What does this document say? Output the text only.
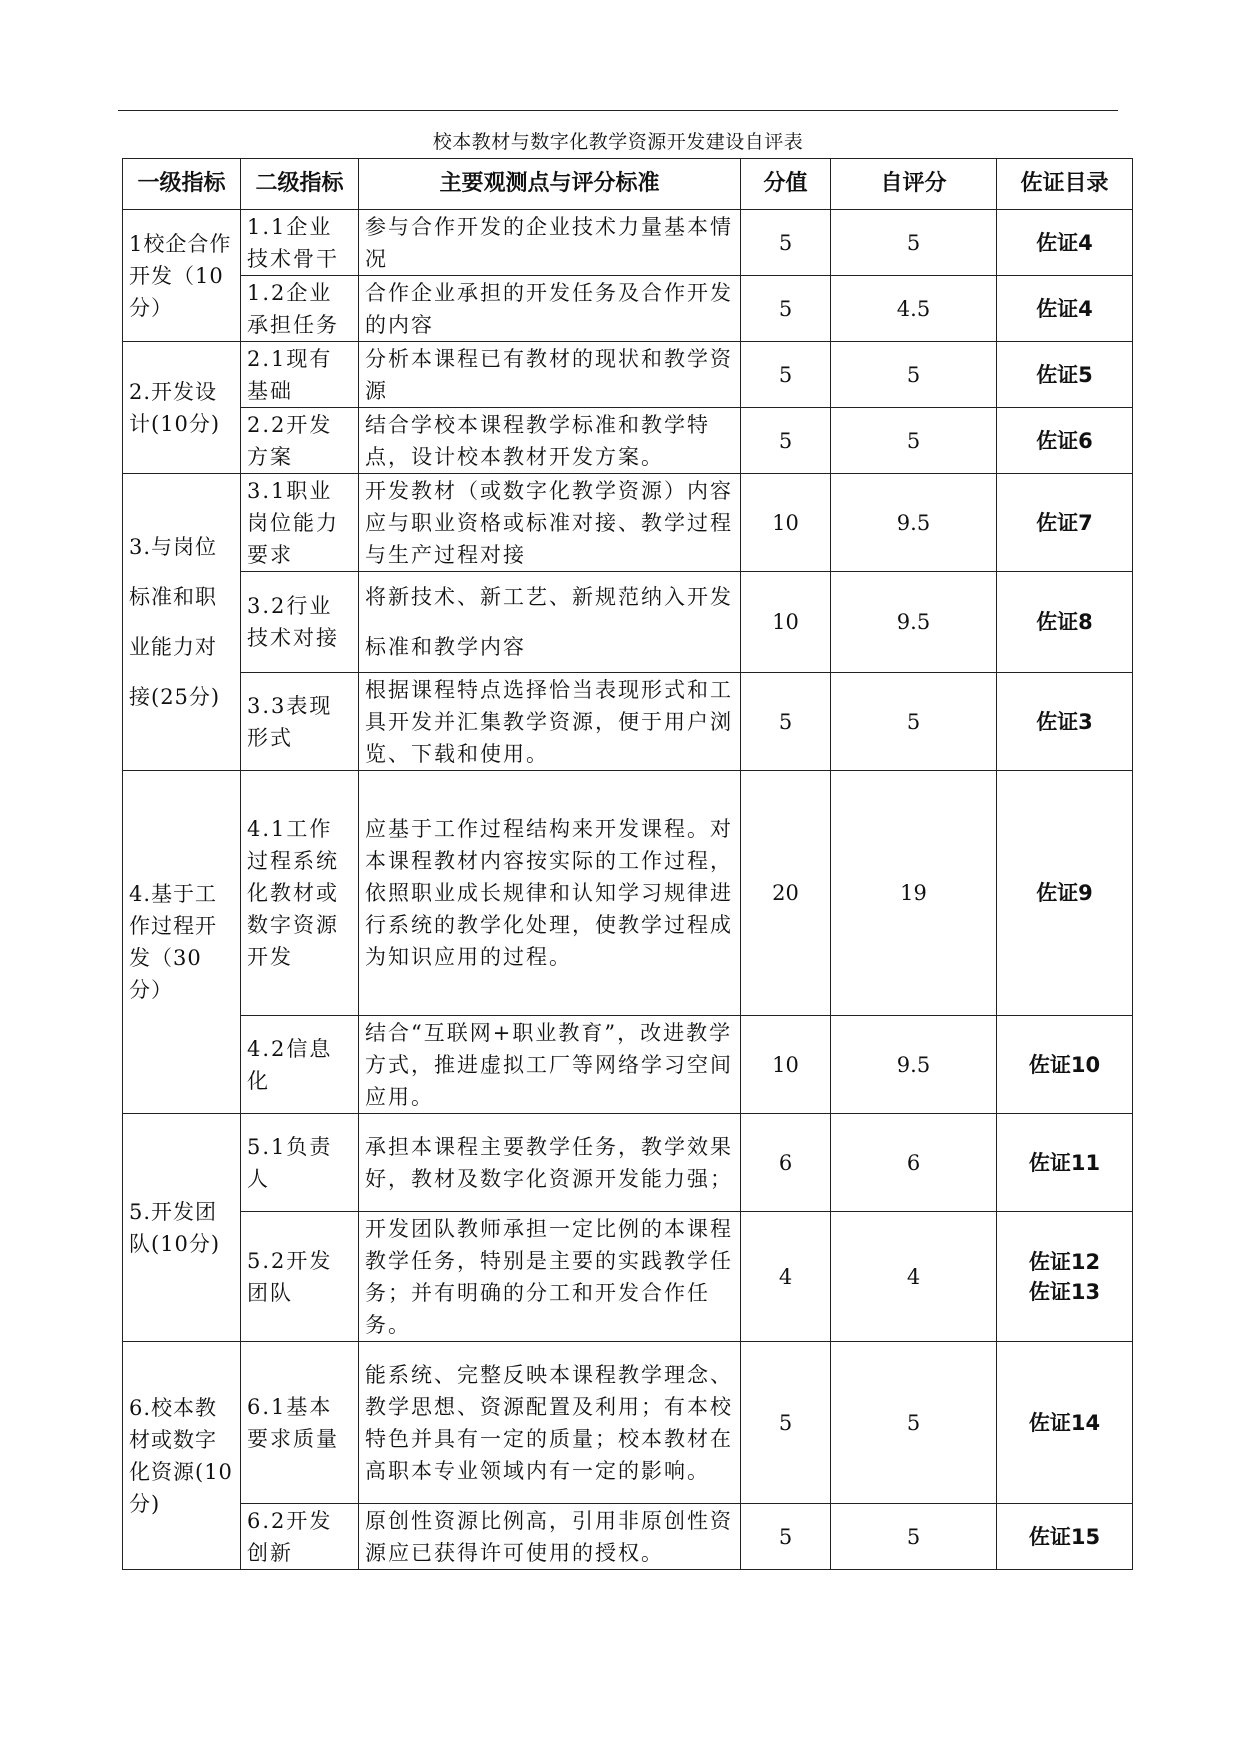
校本教材与数字化教学资源开发建设自评表
一级指标	二级指标	主要观测点与评分标准	分值	自评分	佐证目录
1校企合作开发（10分）	1.1企业技术骨干	参与合作开发的企业技术力量基本情况	5	5	佐证4

	1.2企业承担任务	合作企业承担的开发任务及合作开发的内容	5	4.5	佐证4

2.开发设计(10分)	2.1现有基础	分析本课程已有教材的现状和教学资源	5	5	佐证5

	2.2开发方案	结合学校本课程教学标准和教学特点，设计校本教材开发方案。	5	5	佐证6

3.与岗位标准和职业能力对接(25分)	3.1职业岗位能力要求	开发教材（或数字化教学资源）内容应与职业资格或标准对接、教学过程与生产过程对接	10	9.5	佐证7

	3.2行业技术对接	将新技术、新工艺、新规范纳入开发标准和教学内容	10	9.5	佐证8

	3.3表现形式	根据课程特点选择恰当表现形式和工具开发并汇集教学资源，便于用户浏览、下载和使用。	5	5	佐证3

4.基于工作过程开发（30分）	4.1工作过程系统化教材或数字资源开发	应基于工作过程结构来开发课程。对本课程教材内容按实际的工作过程，依照职业成长规律和认知学习规律进行系统的教学化处理，使教学过程成为知识应用的过程。	20	19	佐证9

	4.2信息化	结合“互联网+职业教育”，改进教学方式，推进虚拟工厂等网络学习空间应用。	10	9.5	佐证10

5.开发团队(10分)	5.1负责人	承担本课程主要教学任务，教学效果好，教材及数字化资源开发能力强；	6	6	佐证11

	5.2开发团队	开发团队教师承担一定比例的本课程教学任务，特别是主要的实践教学任务；并有明确的分工和开发合作任务。	4	4	佐证12
佐证13

6.校本教材或数字化资源(10分)	6.1基本要求质量	能系统、完整反映本课程教学理念、教学思想、资源配置及利用；有本校特色并具有一定的质量；校本教材在高职本专业领域内有一定的影响。	5	5	佐证14

	6.2开发创新	原创性资源比例高，引用非原创性资源应已获得许可使用的授权。	5	5	佐证15
